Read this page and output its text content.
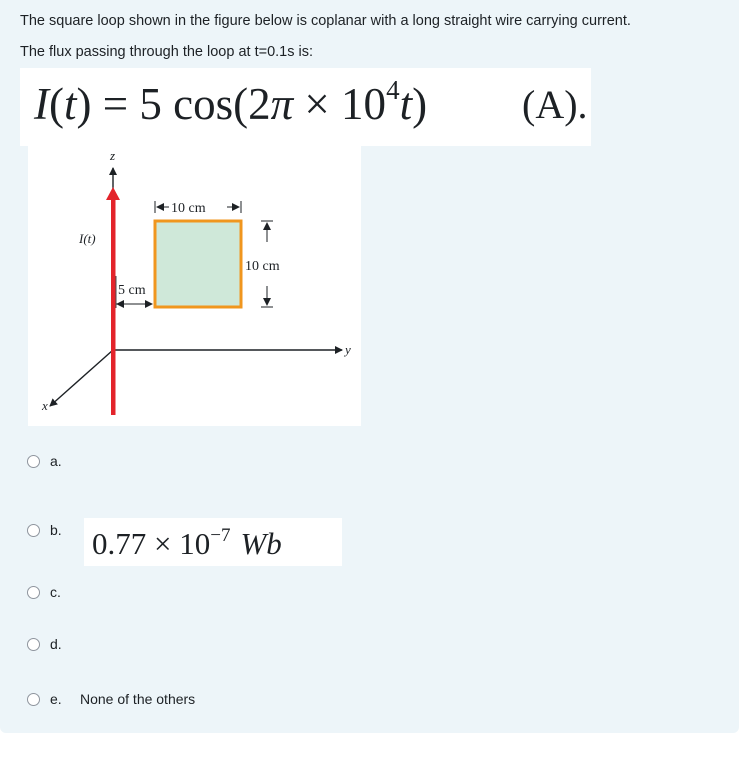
The square loop shown in the figure below is coplanar with a long straight wire carrying current.
The flux passing through the loop at t=0.1s is:
I(t) = 5 $\cos(2\pi \times 10^4t)$ (A).
z
I(t)
10 cm
10 cm
5 cm
y
x
a.
b. $0.77 \times 10^{-7}$ Wb
c.
d.
e.	None of the others
